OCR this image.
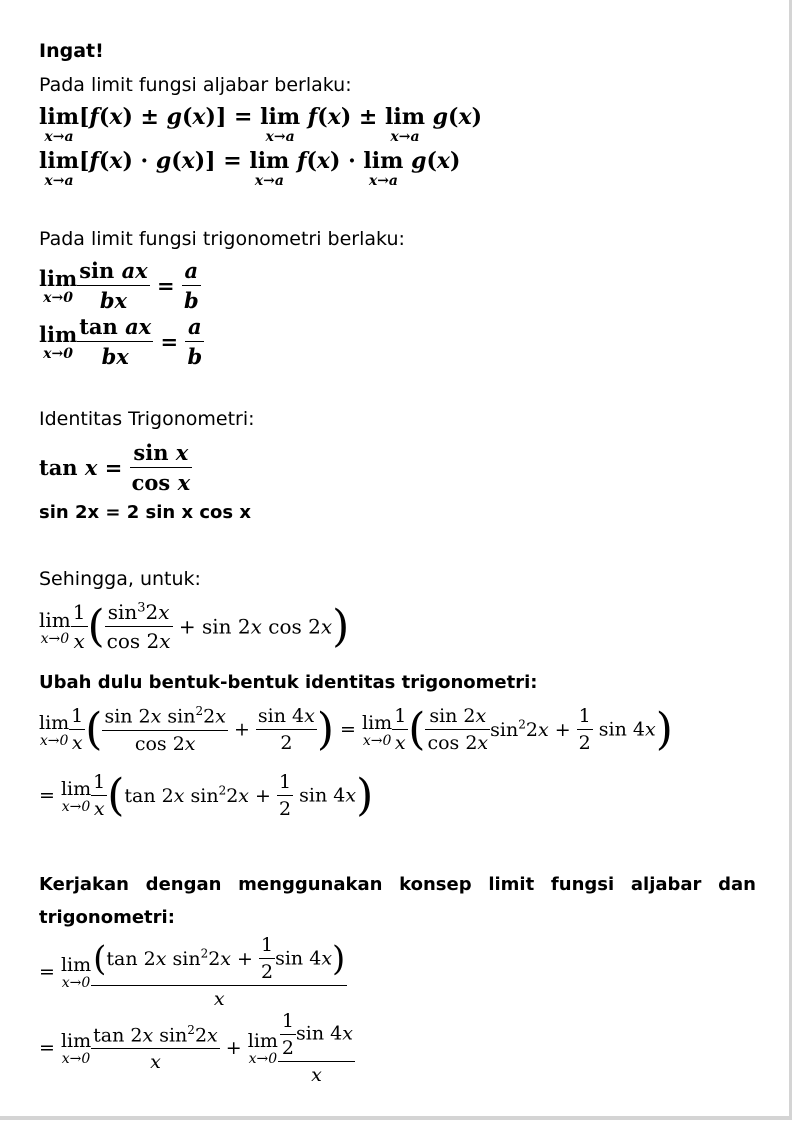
Ingat!
Pada limit fungsi aljabar berlaku:
lim
x→a
[f(x) ± g(x)] = lim
x→a
f(x) ± lim
x→a
g(x)
lim
x→a
[f(x) · g(x)] = lim
x→a
f(x) · lim
x→a
g(x)
Pada limit fungsi trigonometri berlaku:
lim
$x\to 0 \frac{\text{sin ax}}{bx} = \frac{a}{b}$
lim
$x\to 0 \frac{\text{tan ax}}{bx} = \frac{a}{b}$
Identitas Trigonometri:
$\tan x = \frac{\text{sin x}}{\text{cos x}}$
sin 2x = 2 sin x cos x
Sehingga, untuk:
lim
$x\to 0 \frac{1}{x}$ ( $\frac{\sin^32x}{\cos 2x} + \sin 2x$ cos 2x)
Ubah dulu bentuk-bentuk identitas trigonometri:
lim
$x\to 0 \frac{1}{x}$ ( $\frac{\sin 2x \sin^22x}{\cos 2x} + \frac{\sin 4x}{2}$ ) = lim
$x\to 0 \frac{1}{x}$ ( $\frac{\sin 2x}{\cos 2x} \sin^22x + \frac{1}{2}$ sin 4x)
= lim
$x\to 0 \frac{1}{x} (\tan$ 2x $\sin^22x + \frac{1}{2}$ sin 4x)
Kerjakan dengan menggunakan konsep limit fungsi aljabar dan trigonometri:
= lim
$x\to 0 \frac{(\tan 2x \sin^22x + \frac{1}{2} \sin 4x)}{x}$
= lim
$x\to 0 \frac{\tan 2x \sin^22x}{x} + \lim$
$x\to 0 \frac{\frac{1}{2} \sin 4x}{x}$
